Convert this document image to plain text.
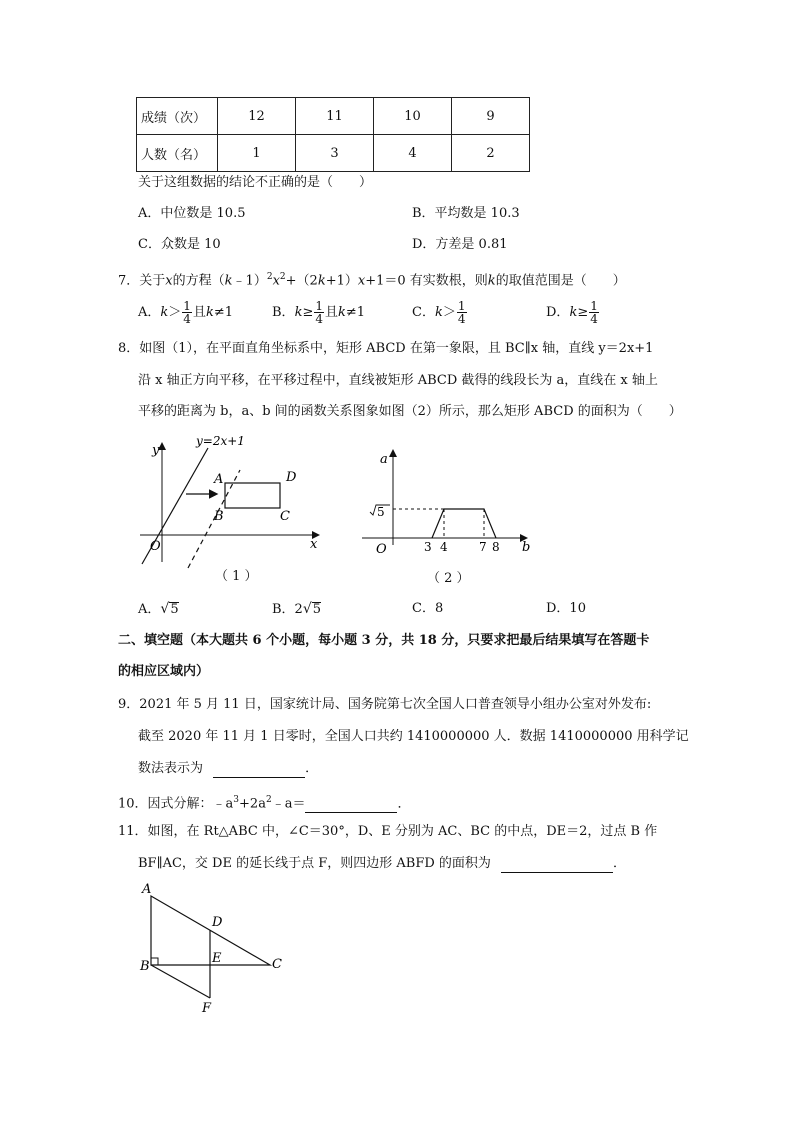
成绩（次）	12	11	10	9
人数（名）	1	3	4	2
关于这组数据的结论不正确的是（　　）
A．中位数是 10.5	B．平均数是 10.3
C．众数是 10	D．方差是 0.81
7．关于x的方程$(k﹣1)^2x^2+(2k+1)x+1=0$ 有实数根，则k的取值范围是（　　）
A．$k> \frac{1}{4}$ 且k≠1	B．$k\ge \frac{1}{4}$ 且k≠1	C．$k> \frac{1}{4}$	D．$k\ge \frac{1}{4}$
8．如图（1），在平面直角坐标系中，矩形 ABCD 在第一象限，且 BC∥x 轴，直线 y＝2x+1
沿 x 轴正方向平移，在平移过程中，直线被矩形 ABCD 截得的线段长为 a，直线在 x 轴上
平移的距离为 b，a、b 间的函数关系图象如图（2）所示，那么矩形 ABCD 的面积为（　　）
y
x
O
y=2x+1
A
B	C
D
（ 1 ）
a
b
O
5
3 4	7 8
（ 2 ）
A．√5	B．2√5	C．8	D．10
二、填空题（本大题共 6 个小题，每小题 3 分，共 18 分，只要求把最后结果填写在答题卡
的相应区域内）
9．2021 年 5 月 11 日，国家统计局、国务院第七次全国人口普查领导小组办公室对外发布:
截至 2020 年 11 月 1 日零时，全国人口共约 1410000000 人．数据 1410000000 用科学记
数法表示为	．
10．因式分解：$﹣a^3+2a^2﹣a=$	．
11．如图，在 Rt△ABC 中，∠C＝30°，D、E 分别为 AC、BC 的中点，DE＝2，过点 B 作
BF∥AC，交 DE 的延长线于点 F，则四边形 ABFD 的面积为	．
A
B	C
D
E
F
